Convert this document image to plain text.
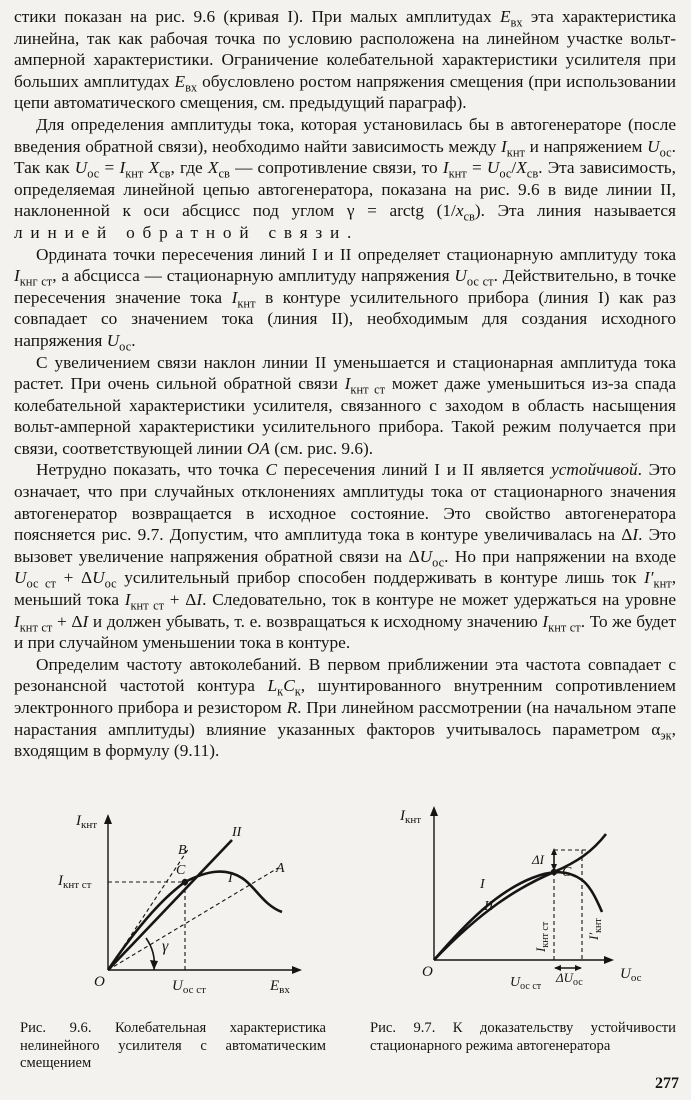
стики показан на рис. 9.6 (кривая I). При малых амплитудах $E_{вх}$ эта характеристика линейна, так как рабочая точка по условию расположена на линейном участке вольт-амперной характеристики. Ограничение колебательной характеристики усилителя при больших амплитудах $E_{вх}$ обусловлено ростом напряжения смещения (при использовании цепи автоматического смещения, см. предыдущий параграф).

Для определения амплитуды тока, которая установилась бы в автогенераторе (после введения обратной связи), необходимо найти зависимость между $I_{кнт}$ и напряжением $U_{ос}$. Так как $U_{ос} = I_{кнт}$ $X_{св}$, где $X_{св}$ — сопротивление связи, то $I_{кнт} = U_{ос}/X_{св}$. Эта зависимость, определяемая линейной цепью автогенератора, показана на рис. 9.6 в виде линии II, наклоненной к оси абсцисс под углом γ = arctg $(1/x_{св})$. Эта линия называется линией обратной связи.

Ордината точки пересечения линий I и II определяет стационарную амплитуду тока $I_{кнг ст}$, а абсцисса — стационарную амплитуду напряжения $U_{ос ст}$. Действительно, в точке пересечения значение тока $I_{кнт}$ в контуре усилительного прибора (линия I) как раз совпадает со значением тока (линия II), необходимым для создания исходного напряжения $U_{ос}$.

С увеличением связи наклон линии II уменьшается и стационарная амплитуда тока растет. При очень сильной обратной связи $I_{кнт ст}$ может даже уменьшиться из-за спада колебательной характеристики усилителя, связанного с заходом в область насыщения вольт-амперной характеристики усилительного прибора. Такой режим получается при связи, соответствующей линии OA (см. рис. 9.6).

Нетрудно показать, что точка C пересечения линий I и II является устойчивой. Это означает, что при случайных отклонениях амплитуды тока от стационарного значения автогенератор возвращается в исходное состояние. Это свойство автогенератора поясняется рис. 9.7. Допустим, что амплитуда тока в контуре увеличивалась на ΔI. Это вызовет увеличение напряжения обратной связи на $\Delta U_{ос}$. Но при напряжении на входе $U_{ос ст} + \Delta U_{ос}$ усилительный прибор способен поддерживать в контуре лишь ток $I'_{кнт}$, меньший тока $I_{кнт ст} + \Delta I$. Следовательно, ток в контуре не может удержаться на уровне $I_{кнт ст} + \Delta I$ и должен убывать, т. е. возвращаться к исходному значению $I_{кнт ст}$. То же будет и при случайном уменьшении тока в контуре.

Определим частоту автоколебаний. В первом приближении эта частота совпадает с резонансной частотой контура $L_кC_к$, шунтированного внутренним сопротивлением электронного прибора и резистором R. При линейном рассмотрении (на начальном этапе нарастания амплитуды) влияние указанных факторов учитывалось параметром $\alpha_{эк}$, входящим в формулу (9.11).

$I_{кнт}$
$E_{вх}$
O
B
II
A
C
I
γ
$I_{кнт ст}$
$U_{ос ст}$
Рис. 9.6. Колебательная характеристика нелинейного усилителя с автоматическим смещением
$I_{кнт}$
$U_{ос}$
O
C
I
II
ΔI
$\Delta U_{ос}$
$U_{ос ст}$
$I_{кнт ст}$	$I'_{кнт}$
Рис. 9.7. К доказательству устойчивости стационарного режима автогенератора
277
